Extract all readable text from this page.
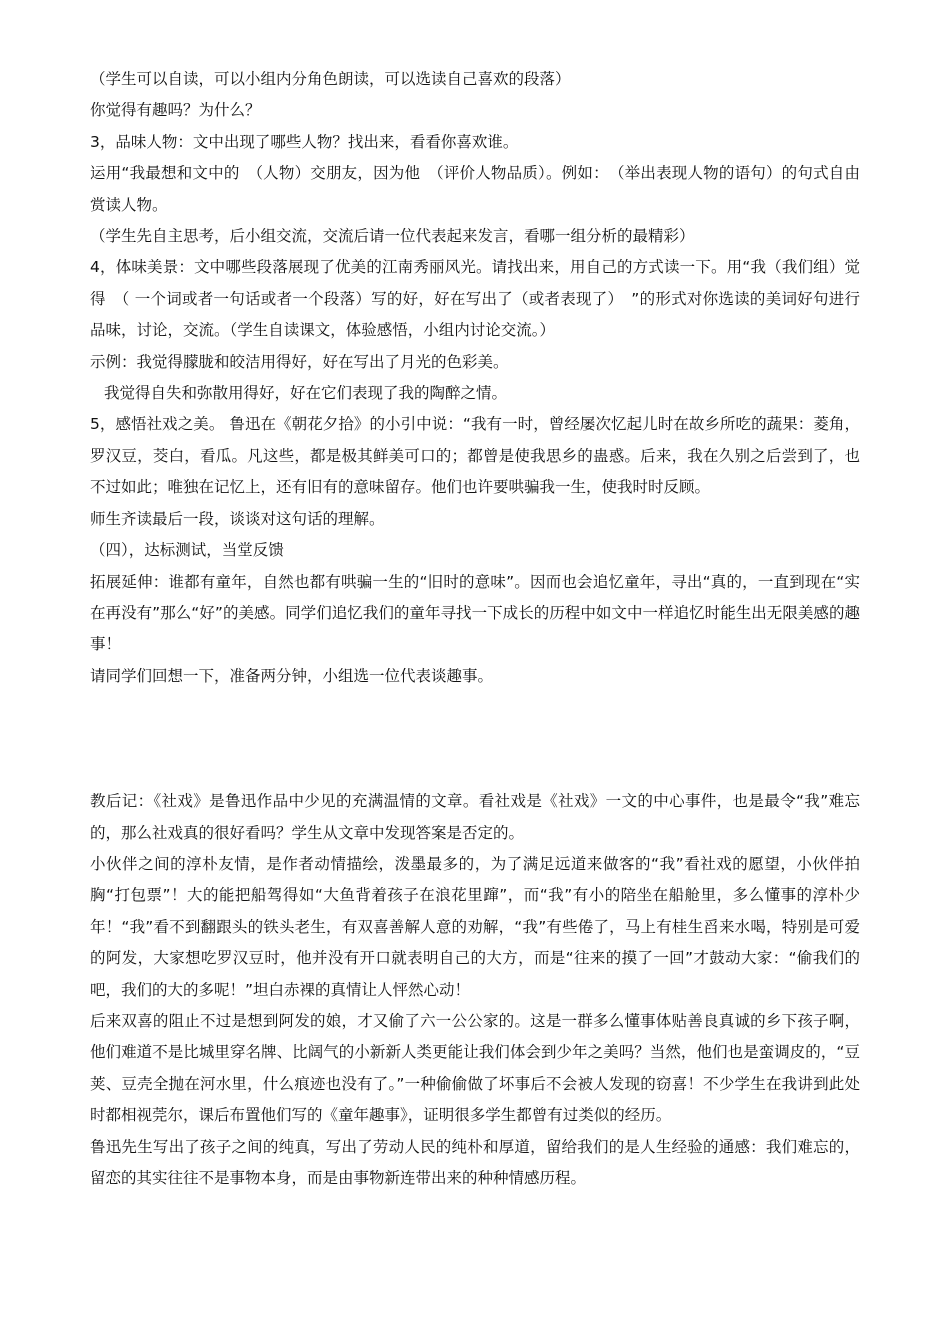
（学生可以自读，可以小组内分角色朗读，可以选读自己喜欢的段落）

你觉得有趣吗？为什么？

3，品味人物：文中出现了哪些人物？找出来，看看你喜欢谁。

运用“我最想和文中的　（人物）交朋友，因为他　（评价人物品质）。例如：　（举出表现人物的语句）的句式自由赏读人物。

（学生先自主思考，后小组交流，交流后请一位代表起来发言，看哪一组分析的最精彩）

4，体味美景：文中哪些段落展现了优美的江南秀丽风光。请找出来，用自己的方式读一下。用“我（我们组）觉得　（ 一个词或者一句话或者一个段落）写的好，好在写出了（或者表现了）　”的形式对你选读的美词好句进行品味，讨论，交流。（学生自读课文，体验感悟，小组内讨论交流。）

示例：我觉得朦胧和皎洁用得好，好在写出了月光的色彩美。

我觉得自失和弥散用得好，好在它们表现了我的陶醉之情。

5，感悟社戏之美。 鲁迅在《朝花夕拾》的小引中说：“我有一时，曾经屡次忆起儿时在故乡所吃的蔬果：菱角，罗汉豆，茭白，看瓜。凡这些，都是极其鲜美可口的；都曾是使我思乡的蛊惑。后来，我在久别之后尝到了，也不过如此；唯独在记忆上，还有旧有的意味留存。他们也许要哄骗我一生，使我时时反顾。

师生齐读最后一段，谈谈对这句话的理解。

（四），达标测试，当堂反馈

拓展延伸：谁都有童年，自然也都有哄骗一生的“旧时的意味”。因而也会追忆童年，寻出“真的，一直到现在“实在再没有”那么“好”的美感。同学们追忆我们的童年寻找一下成长的历程中如文中一样追忆时能生出无限美感的趣事！

请同学们回想一下，准备两分钟，小组选一位代表谈趣事。

教后记：《社戏》是鲁迅作品中少见的充满温情的文章。看社戏是《社戏》一文的中心事件，也是最令“我”难忘的，那么社戏真的很好看吗？学生从文章中发现答案是否定的。

小伙伴之间的淳朴友情，是作者动情描绘，泼墨最多的，为了满足远道来做客的“我”看社戏的愿望，小伙伴拍胸“打包票”！大的能把船驾得如“大鱼背着孩子在浪花里蹿”，而“我”有小的陪坐在船舱里，多么懂事的淳朴少年！“我”看不到翻跟头的铁头老生，有双喜善解人意的劝解，“我”有些倦了，马上有桂生舀来水喝，特别是可爱的阿发，大家想吃罗汉豆时，他并没有开口就表明自己的大方，而是“往来的摸了一回”才鼓动大家：“偷我们的吧，我们的大的多呢！”坦白赤裸的真情让人怦然心动！

后来双喜的阻止不过是想到阿发的娘，才又偷了六一公公家的。这是一群多么懂事体贴善良真诚的乡下孩子啊，他们难道不是比城里穿名牌、比阔气的小新新人类更能让我们体会到少年之美吗？当然，他们也是蛮调皮的，“豆荚、豆壳全抛在河水里，什么痕迹也没有了。”一种偷偷做了坏事后不会被人发现的窃喜！不少学生在我讲到此处时都相视莞尔，课后布置他们写的《童年趣事》，证明很多学生都曾有过类似的经历。

鲁迅先生写出了孩子之间的纯真，写出了劳动人民的纯朴和厚道，留给我们的是人生经验的通感：我们难忘的，留恋的其实往往不是事物本身，而是由事物新连带出来的种种情感历程。
